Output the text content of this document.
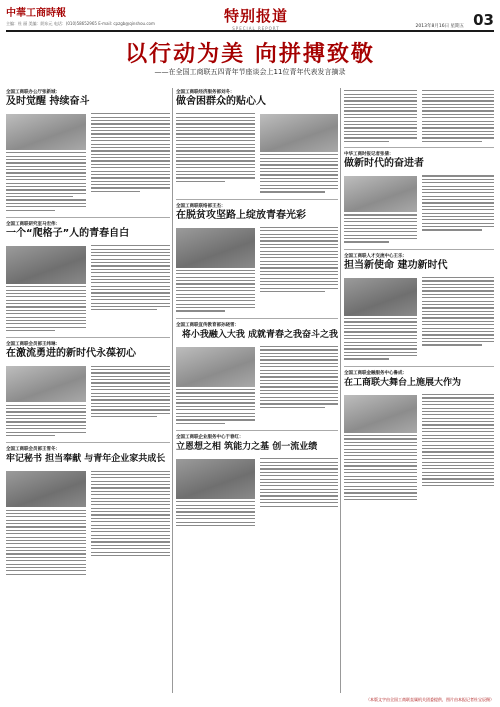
中華工商時報
主编：杜 丽 美编：阴东元 电话：(010)58652965 E-mail: cpzgb@qinshou.com	特别报道
SPECIAL REPORT	2013年8月16日 星期五 03
以行动为美 向拼搏致敬
——在全国工商联五四青年节座谈会上11位青年代表发言摘录
全国工商联办公厅张新城：
及时觉醒 持续奋斗
全国工商联研究室马宏伟：
一个“爬格子”人的青春自白
全国工商联会员部王纬琳：
在激流勇进的新时代永葆初心
全国工商联会员部王雪冬：
牢记秘书 担当奉献 与青年企业家共成长
全国工商联经济服务部刘冬：
做舍困群众的贴心人
全国工商联联络部王杰：
在脱贫攻坚路上绽放青春光彩
全国工商联宣传教育部孙晓雪：
将小我融入大我 成就青春之我奋斗之我
全国工商联企业服务中心于春红：
立恩想之相 筑能力之基 创一流业绩
中华工商时报记者张倩：
做新时代的奋进者
全国工商联人才交流中心王乐：
担当新使命 建功新时代
全国工商联金融服务中心鲁成：
在工商联大舞台上施展大作为
（本版文字由全国工商联直属机关团委提供，图片由本报记者杜宝辰摄）
